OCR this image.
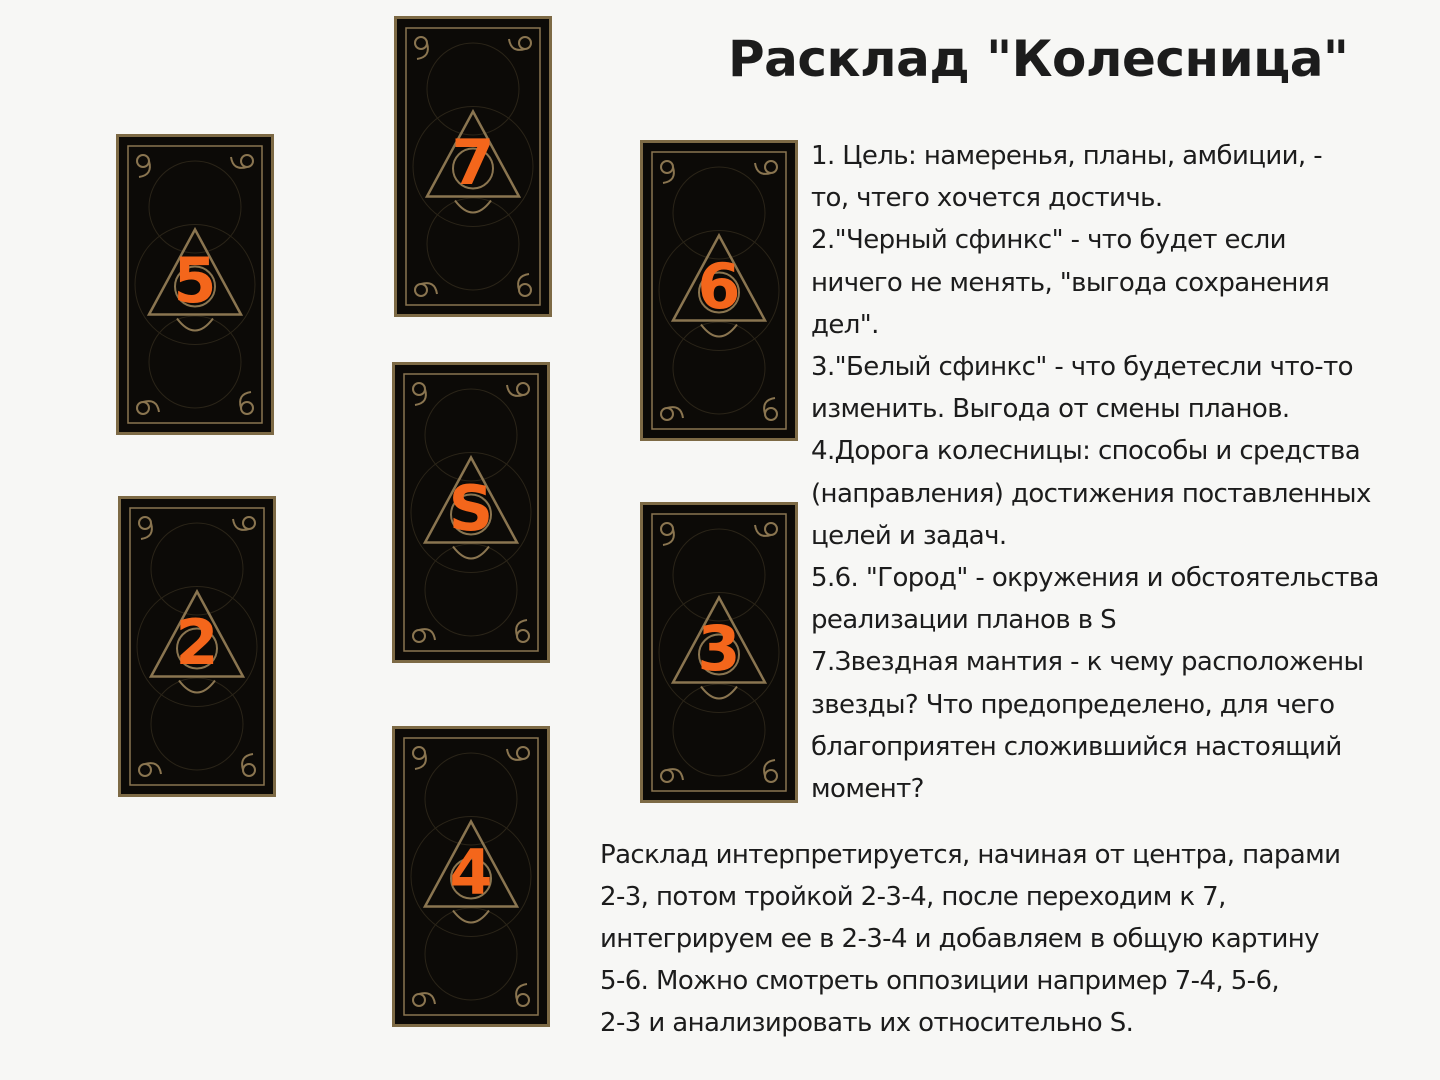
Расклад "Колесница"
7
5	6
S
2	3
4

1. Цель: намеренья, планы, амбиции, -

то, чтего хочется достичь.

2."Черный сфинкс" - что будет если

ничего не менять, "выгода сохранения

дел".

3."Белый сфинкс" - что будетесли что-то

изменить. Выгода от смены планов.

4.Дорога колесницы: способы и средства

(направления) достижения поставленных

целей и задач.

5.6. "Город" - окружения и обстоятельства

реализации планов в S

7.Звездная мантия - к чему расположены

звезды? Что предопределено, для чего

благоприятен сложившийся настоящий

момент?

Расклад интерпретируется, начиная от центра, парами

2-3, потом тройкой 2-3-4, после переходим к 7,

интегрируем ее в 2-3-4 и добавляем в общую картину

5-6. Можно смотреть оппозиции например 7-4, 5-6,

2-3 и анализировать их относительно S.
